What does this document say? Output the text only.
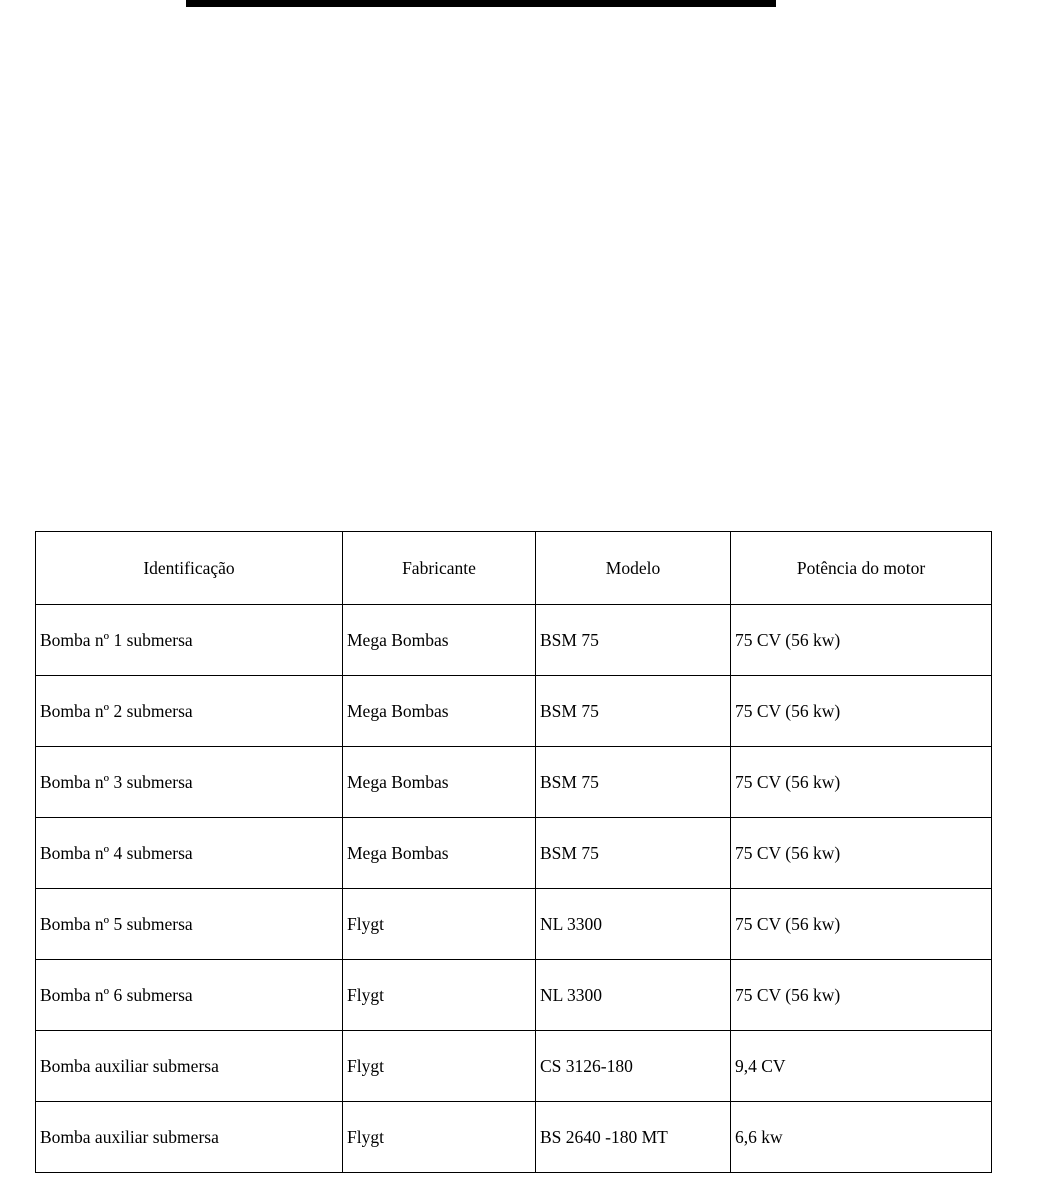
Identificação	Fabricante	Modelo	Potência do motor
Bomba nº 1 submersa	Mega Bombas	BSM 75	75 CV (56 kw)
Bomba nº 2 submersa	Mega Bombas	BSM 75	75 CV (56 kw)
Bomba nº 3 submersa	Mega Bombas	BSM 75	75 CV (56 kw)
Bomba nº 4 submersa	Mega Bombas	BSM 75	75 CV (56 kw)
Bomba nº 5 submersa	Flygt	NL 3300	75 CV (56 kw)
Bomba nº 6 submersa	Flygt	NL 3300	75 CV (56 kw)
Bomba auxiliar submersa	Flygt	CS 3126-180	9,4 CV
Bomba auxiliar submersa	Flygt	BS 2640 -180 MT	6,6 kw
